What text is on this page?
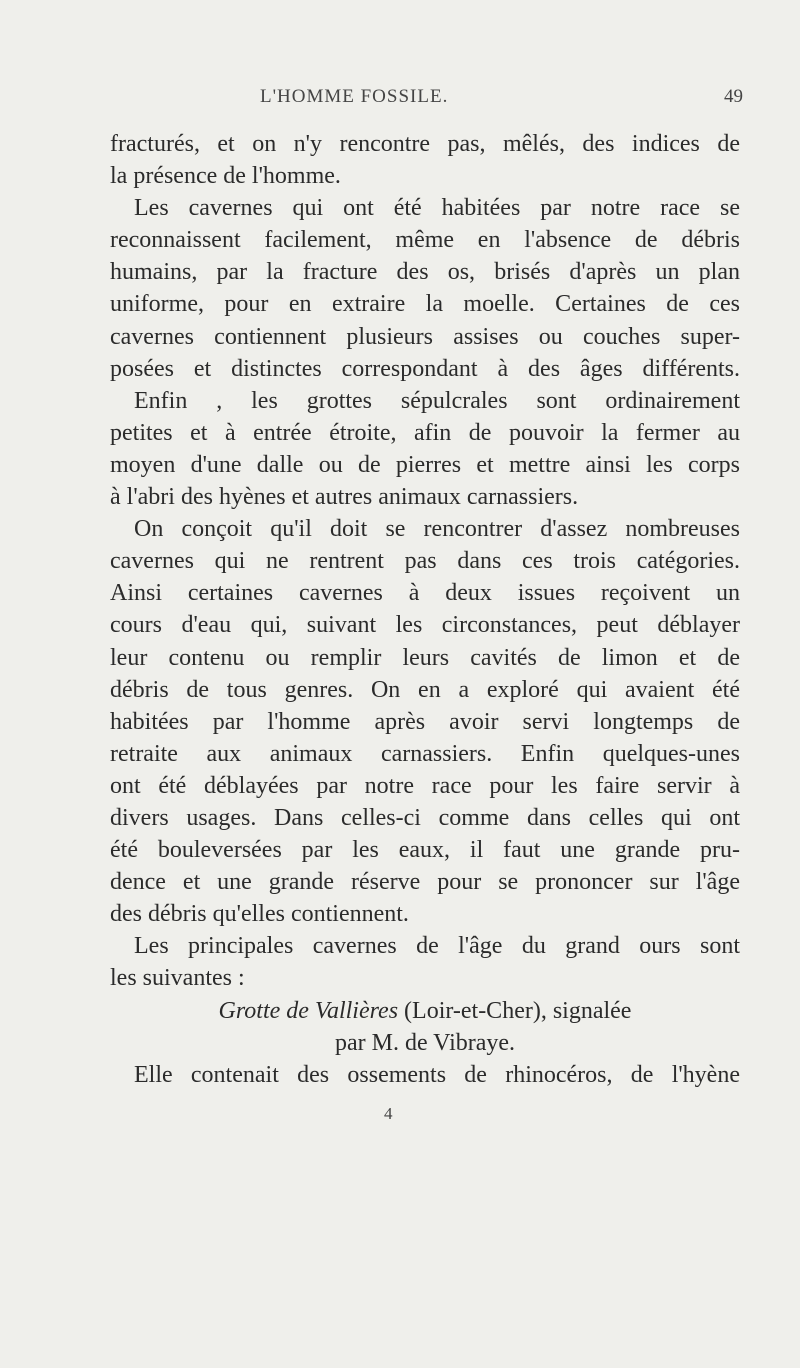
L'HOMME FOSSILE.	49
fracturés, et on n'y rencontre pas, mêlés, des indices de
la présence de l'homme.
Les cavernes qui ont été habitées par notre race se
reconnaissent facilement, même en l'absence de débris
humains, par la fracture des os, brisés d'après un plan
uniforme, pour en extraire la moelle. Certaines de ces
cavernes contiennent plusieurs assises ou couches super-
posées et distinctes correspondant à des âges différents.
Enfin , les grottes sépulcrales sont ordinairement
petites et à entrée étroite, afin de pouvoir la fermer au
moyen d'une dalle ou de pierres et mettre ainsi les corps
à l'abri des hyènes et autres animaux carnassiers.
On conçoit qu'il doit se rencontrer d'assez nombreuses
cavernes qui ne rentrent pas dans ces trois catégories.
Ainsi certaines cavernes à deux issues reçoivent un
cours d'eau qui, suivant les circonstances, peut déblayer
leur contenu ou remplir leurs cavités de limon et de
débris de tous genres. On en a exploré qui avaient été
habitées par l'homme après avoir servi longtemps de
retraite aux animaux carnassiers. Enfin quelques-unes
ont été déblayées par notre race pour les faire servir à
divers usages. Dans celles-ci comme dans celles qui ont
été bouleversées par les eaux, il faut une grande pru-
dence et une grande réserve pour se prononcer sur l'âge
des débris qu'elles contiennent.
Les principales cavernes de l'âge du grand ours sont
les suivantes :
Grotte de Vallières (Loir-et-Cher), signalée
par M. de Vibraye.
Elle contenait des ossements de rhinocéros, de l'hyène
4
